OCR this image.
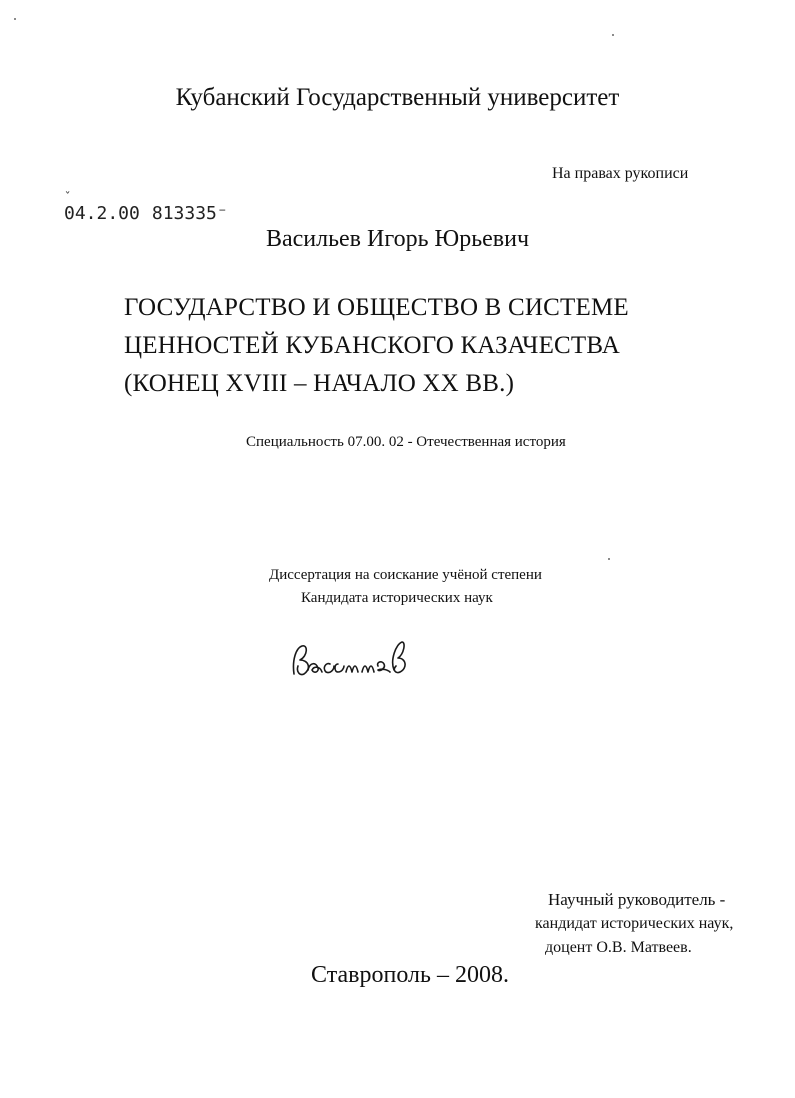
Кубанский Государственный университет
На правах рукописи
ˇ
04.2.00 813335⁻
Васильев Игорь Юрьевич
ГОСУДАРСТВО И ОБЩЕСТВО В СИСТЕМЕ
ЦЕННОСТЕЙ КУБАНСКОГО КАЗАЧЕСТВА
(КОНЕЦ XVIII – НАЧАЛО XX ВВ.)
Специальность 07.00. 02 - Отечественная история
Диссертация на соискание учёной степени
Кандидата исторических наук
Научный руководитель -
кандидат исторических наук,
доцент О.В. Матвеев.
Ставрополь – 2008.
